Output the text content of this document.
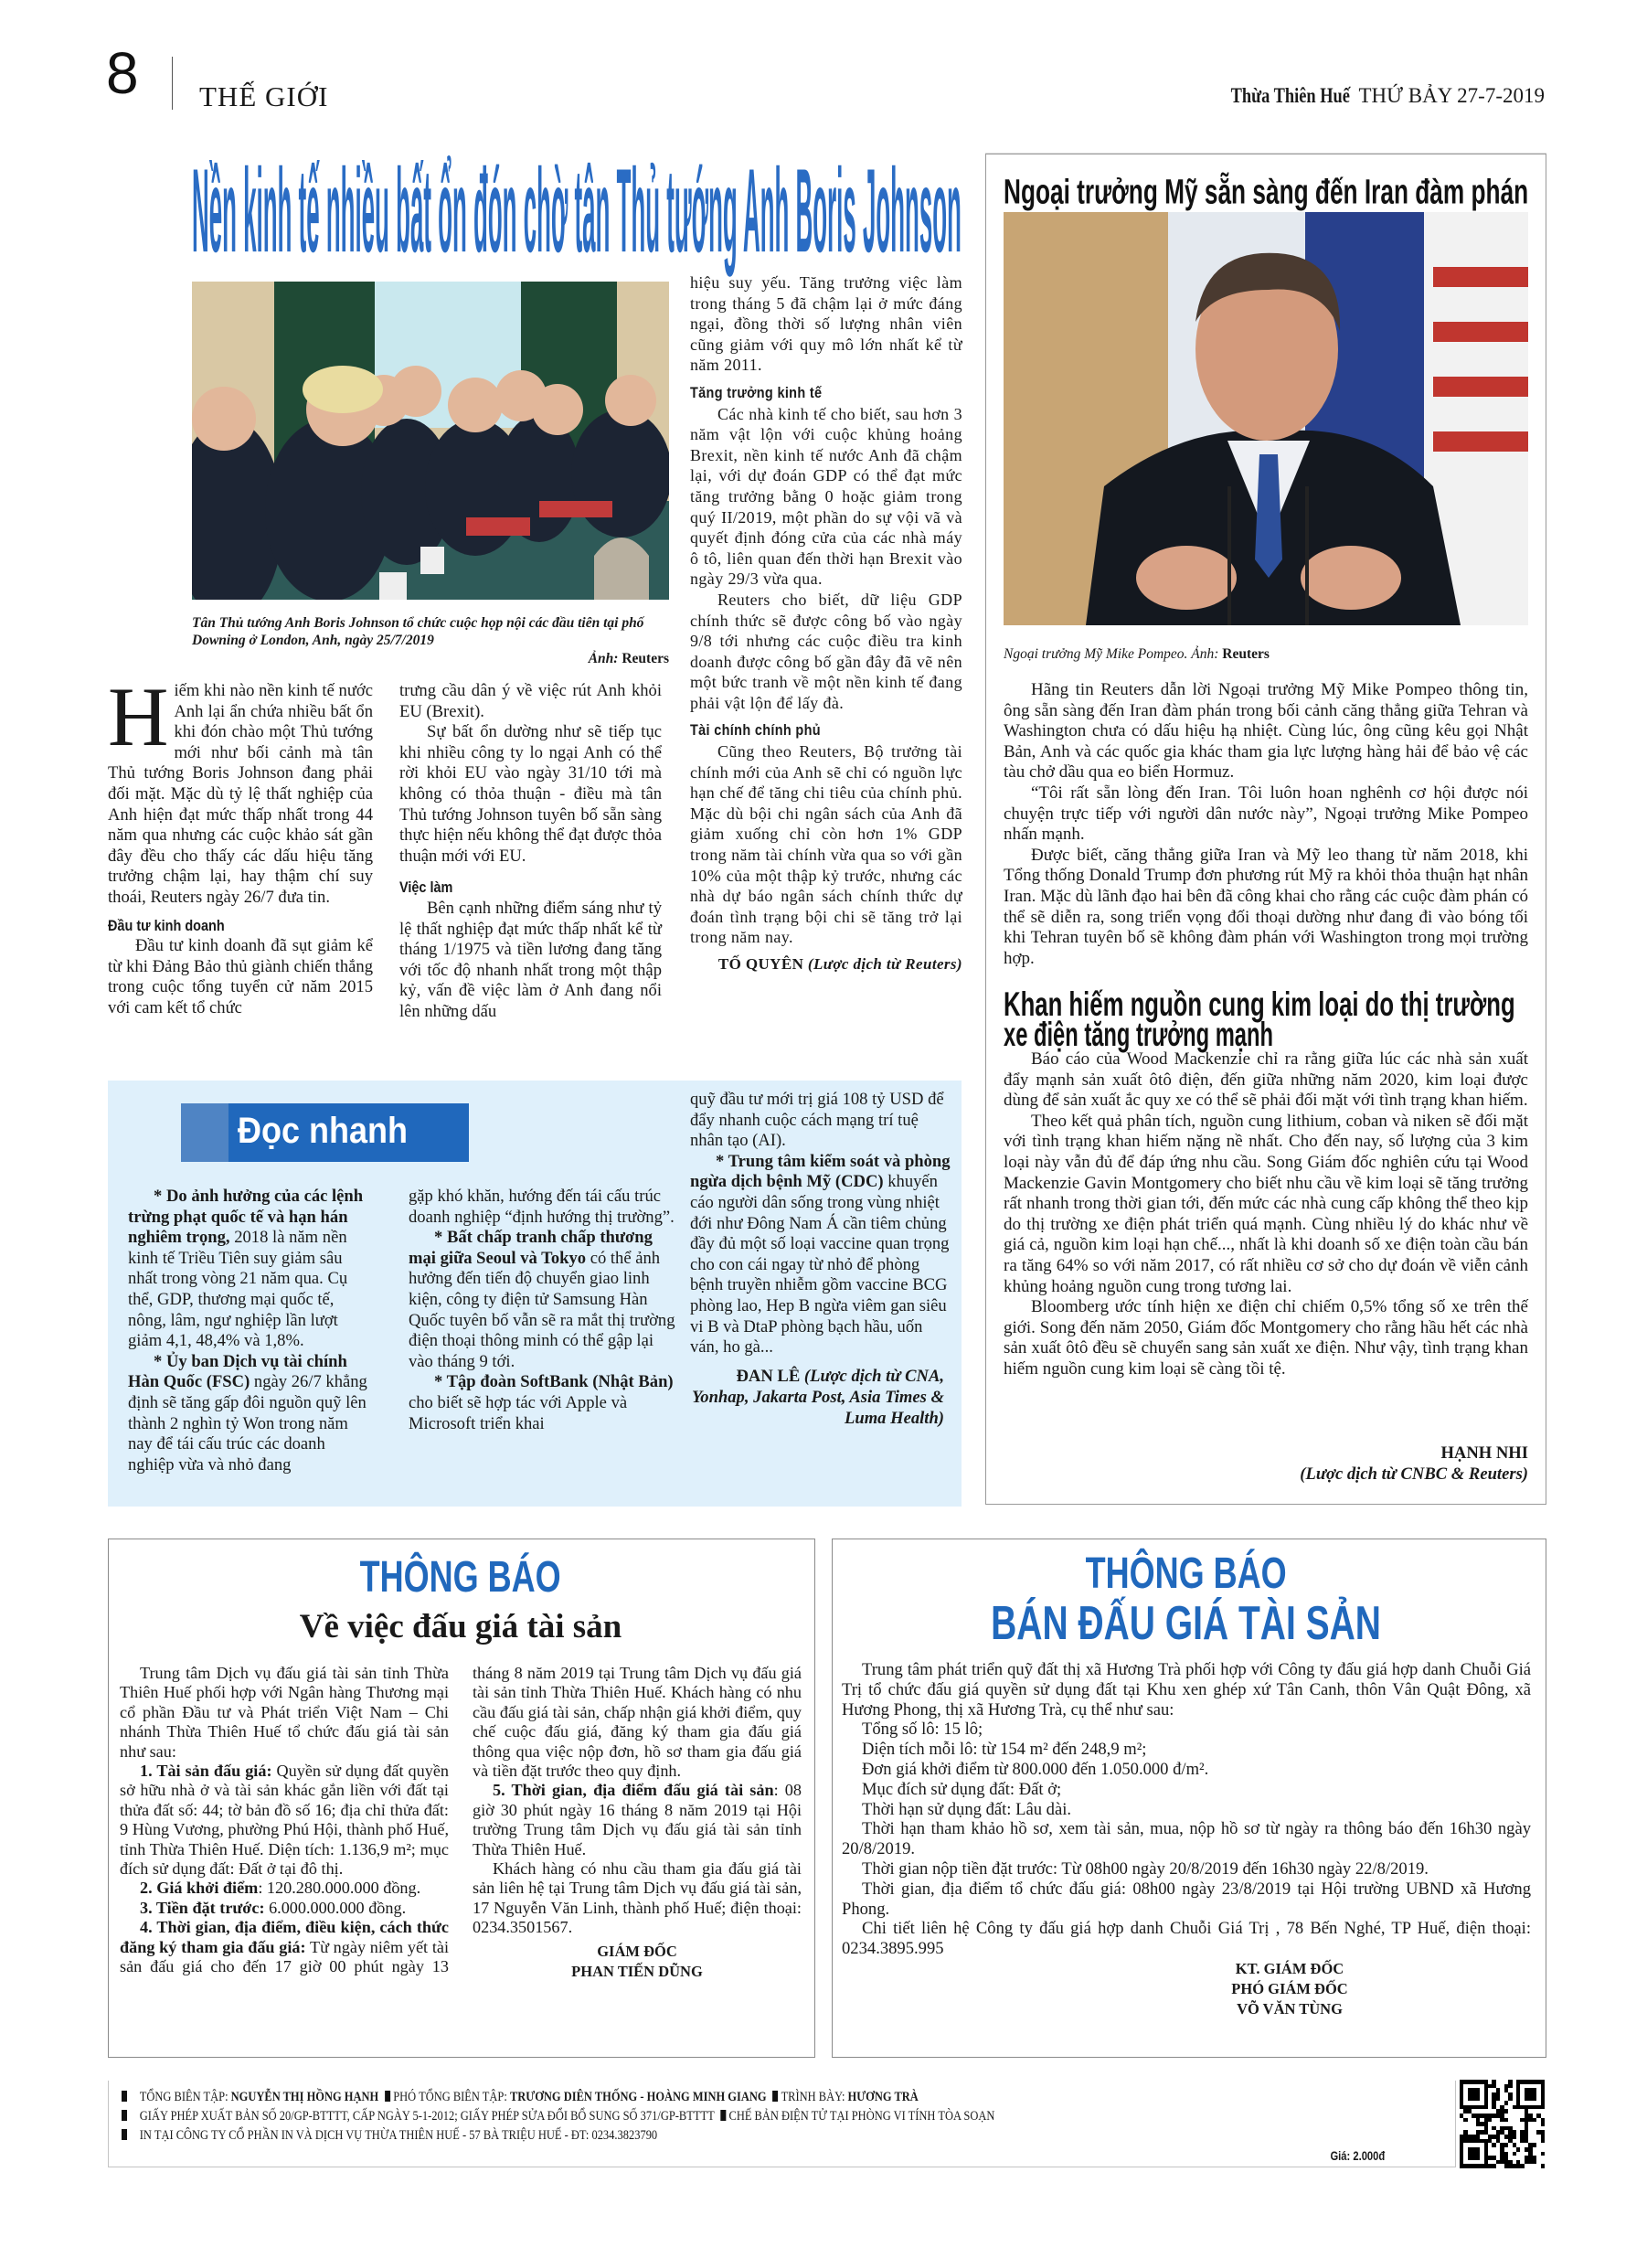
8 THẾ GIỚI	Thừa Thiên Huế THỨ BẢY 27-7-2019
Nền kinh tế nhiều bất ổn đón chờ tân Thủ tướng Anh Boris Johnson
Tân Thủ tướng Anh Boris Johnson tổ chức cuộc họp nội các đầu tiên tại phố Downing ở London, Anh, ngày 25/7/2019
Ảnh: Reuters

Hiếm khi nào nền kinh tế nước Anh lại ẩn chứa nhiều bất ổn khi đón chào một Thủ tướng mới như bối cảnh mà tân Thủ tướng Boris Johnson đang phải đối mặt. Mặc dù tỷ lệ thất nghiệp của Anh hiện đạt mức thấp nhất trong 44 năm qua nhưng các cuộc khảo sát gần đây đều cho thấy các dấu hiệu tăng trưởng chậm lại, hay thậm chí suy thoái, Reuters ngày 26/7 đưa tin.

Đầu tư kinh doanh

Đầu tư kinh doanh đã sụt giảm kể từ khi Đảng Bảo thủ giành chiến thắng trong cuộc tổng tuyển cử năm 2015 với cam kết tổ chức

trưng cầu dân ý về việc rút Anh khỏi EU (Brexit).

Sự bất ổn dường như sẽ tiếp tục khi nhiều công ty lo ngại Anh có thể rời khỏi EU vào ngày 31/10 tới mà không có thỏa thuận - điều mà tân Thủ tướng Johnson tuyên bố sẵn sàng thực hiện nếu không thể đạt được thỏa thuận mới với EU.

Việc làm

Bên cạnh những điểm sáng như tỷ lệ thất nghiệp đạt mức thấp nhất kể từ tháng 1/1975 và tiền lương đang tăng với tốc độ nhanh nhất trong một thập kỷ, vấn đề việc làm ở Anh đang nổi lên những dấu

hiệu suy yếu. Tăng trưởng việc làm trong tháng 5 đã chậm lại ở mức đáng ngại, đồng thời số lượng nhân viên cũng giảm với quy mô lớn nhất kể từ năm 2011.

Tăng trưởng kinh tế

Các nhà kinh tế cho biết, sau hơn 3 năm vật lộn với cuộc khủng hoảng Brexit, nền kinh tế nước Anh đã chậm lại, với dự đoán GDP có thể đạt mức tăng trưởng bằng 0 hoặc giảm trong quý II/2019, một phần do sự vội vã và quyết định đóng cửa của các nhà máy ô tô, liên quan đến thời hạn Brexit vào ngày 29/3 vừa qua.

Reuters cho biết, dữ liệu GDP chính thức sẽ được công bố vào ngày 9/8 tới nhưng các cuộc điều tra kinh doanh được công bố gần đây đã vẽ nên một bức tranh về một nền kinh tế đang phải vật lộn để lấy đà.

Tài chính chính phủ

Cũng theo Reuters, Bộ trưởng tài chính mới của Anh sẽ chỉ có nguồn lực hạn chế để tăng chi tiêu của chính phủ. Mặc dù bội chi ngân sách của Anh đã giảm xuống chỉ còn hơn 1% GDP trong năm tài chính vừa qua so với gần 10% của một thập kỷ trước, nhưng các nhà dự báo ngân sách chính thức dự đoán tình trạng bội chi sẽ tăng trở lại trong năm nay.

TỐ QUYÊN (Lược dịch từ Reuters)
Ngoại trưởng Mỹ sẵn sàng đến Iran đàm phán
Ngoại trưởng Mỹ Mike Pompeo. Ảnh: Reuters

Hãng tin Reuters dẫn lời Ngoại trưởng Mỹ Mike Pompeo thông tin, ông sẵn sàng đến Iran đàm phán trong bối cảnh căng thẳng giữa Tehran và Washington chưa có dấu hiệu hạ nhiệt. Cùng lúc, ông cũng kêu gọi Nhật Bản, Anh và các quốc gia khác tham gia lực lượng hàng hải để bảo vệ các tàu chở dầu qua eo biển Hormuz.

“Tôi rất sẵn lòng đến Iran. Tôi luôn hoan nghênh cơ hội được nói chuyện trực tiếp với người dân nước này”, Ngoại trưởng Mike Pompeo nhấn mạnh.

Được biết, căng thẳng giữa Iran và Mỹ leo thang từ năm 2018, khi Tổng thống Donald Trump đơn phương rút Mỹ ra khỏi thỏa thuận hạt nhân Iran. Mặc dù lãnh đạo hai bên đã công khai cho rằng các cuộc đàm phán có thể sẽ diễn ra, song triển vọng đối thoại dường như đang đi vào bóng tối khi Tehran tuyên bố sẽ không đàm phán với Washington trong mọi trường hợp.

Khan hiếm nguồn cung kim loại do thị trường
xe điện tăng trưởng mạnh

Báo cáo của Wood Mackenzie chỉ ra rằng giữa lúc các nhà sản xuất đẩy mạnh sản xuất ôtô điện, đến giữa những năm 2020, kim loại được dùng để sản xuất ắc quy xe có thể sẽ phải đối mặt với tình trạng khan hiếm.

Theo kết quả phân tích, nguồn cung lithium, coban và niken sẽ đối mặt với tình trạng khan hiếm nặng nề nhất. Cho đến nay, số lượng của 3 kim loại này vẫn đủ để đáp ứng nhu cầu. Song Giám đốc nghiên cứu tại Wood Mackenzie Gavin Montgomery cho biết nhu cầu về kim loại sẽ tăng trưởng rất nhanh trong thời gian tới, đến mức các nhà cung cấp không thể theo kịp do thị trường xe điện phát triển quá mạnh. Cùng nhiều lý do khác như về giá cả, nguồn kim loại hạn chế..., nhất là khi doanh số xe điện toàn cầu bán ra tăng 64% so với năm 2017, có rất nhiều cơ sở cho dự đoán về viễn cảnh khủng hoảng nguồn cung trong tương lai.

Bloomberg ước tính hiện xe điện chỉ chiếm 0,5% tổng số xe trên thế giới. Song đến năm 2050, Giám đốc Montgomery cho rằng hầu hết các nhà sản xuất ôtô đều sẽ chuyển sang sản xuất xe điện. Như vậy, tình trạng khan hiếm nguồn cung kim loại sẽ càng tồi tệ.

HẠNH NHI
(Lược dịch từ CNBC & Reuters)
Đọc nhanh

* Do ảnh hưởng của các lệnh trừng phạt quốc tế và hạn hán nghiêm trọng, 2018 là năm nền kinh tế Triều Tiên suy giảm sâu nhất trong vòng 21 năm qua. Cụ thể, GDP, thương mại quốc tế, nông, lâm, ngư nghiệp lần lượt giảm 4,1, 48,4% và 1,8%.

* Ủy ban Dịch vụ tài chính Hàn Quốc (FSC) ngày 26/7 khẳng định sẽ tăng gấp đôi nguồn quỹ lên thành 2 nghìn tỷ Won trong năm nay để tái cấu trúc các doanh nghiệp vừa và nhỏ đang

gặp khó khăn, hướng đến tái cấu trúc doanh nghiệp “định hướng thị trường”.

* Bất chấp tranh chấp thương mại giữa Seoul và Tokyo có thể ảnh hưởng đến tiến độ chuyển giao linh kiện, công ty điện tử Samsung Hàn Quốc tuyên bố vẫn sẽ ra mắt thị trường điện thoại thông minh có thể gập lại vào tháng 9 tới.

* Tập đoàn SoftBank (Nhật Bản) cho biết sẽ hợp tác với Apple và Microsoft triển khai

quỹ đầu tư mới trị giá 108 tỷ USD để đẩy nhanh cuộc cách mạng trí tuệ nhân tạo (AI).

* Trung tâm kiểm soát và phòng ngừa dịch bệnh Mỹ (CDC) khuyến cáo người dân sống trong vùng nhiệt đới như Đông Nam Á cần tiêm chủng đầy đủ một số loại vaccine quan trọng cho con cái ngay từ nhỏ để phòng bệnh truyền nhiễm gồm vaccine BCG phòng lao, Hep B ngừa viêm gan siêu vi B và DtaP phòng bạch hầu, uốn ván, ho gà...

ĐAN LÊ (Lược dịch từ CNA, Yonhap, Jakarta Post, Asia Times & Luma Health)
THÔNG BÁO
Về việc đấu giá tài sản

Trung tâm Dịch vụ đấu giá tài sản tỉnh Thừa Thiên Huế phối hợp với Ngân hàng Thương mại cổ phần Đầu tư và Phát triển Việt Nam – Chi nhánh Thừa Thiên Huế tổ chức đấu giá tài sản như sau:

1. Tài sản đấu giá: Quyền sử dụng đất quyền sở hữu nhà ở và tài sản khác gắn liền với đất tại thửa đất số: 44; tờ bản đồ số 16; địa chỉ thửa đất: 9 Hùng Vương, phường Phú Hội, thành phố Huế, tỉnh Thừa Thiên Huế. Diện tích: 1.136,9 m²; mục đích sử dụng đất: Đất ở tại đô thị.

2. Giá khởi điểm: 120.280.000.000 đồng.

3. Tiền đặt trước: 6.000.000.000 đồng.

4. Thời gian, địa điểm, điều kiện, cách thức đăng ký tham gia đấu giá: Từ ngày niêm yết tài sản đấu giá cho đến 17 giờ 00 phút ngày 13 tháng 8 năm 2019 tại Trung tâm Dịch vụ đấu giá tài sản tỉnh Thừa Thiên Huế. Khách hàng có nhu cầu đấu giá tài sản, chấp nhận giá khởi điểm, quy chế cuộc đấu giá, đăng ký tham gia đấu giá thông qua việc nộp đơn, hồ sơ tham gia đấu giá và tiền đặt trước theo quy định.

5. Thời gian, địa điểm đấu giá tài sản: 08 giờ 30 phút ngày 16 tháng 8 năm 2019 tại Hội trường Trung tâm Dịch vụ đấu giá tài sản tỉnh Thừa Thiên Huế.

Khách hàng có nhu cầu tham gia đấu giá tài sản liên hệ tại Trung tâm Dịch vụ đấu giá tài sản, 17 Nguyễn Văn Linh, thành phố Huế; điện thoại: 0234.3501567.

GIÁM ĐỐC
PHAN TIẾN DŨNG
THÔNG BÁO
BÁN ĐẤU GIÁ TÀI SẢN

Trung tâm phát triển quỹ đất thị xã Hương Trà phối hợp với Công ty đấu giá hợp danh Chuỗi Giá Trị tổ chức đấu giá quyền sử dụng đất tại Khu xen ghép xứ Tân Canh, thôn Vân Quật Đông, xã Hương Phong, thị xã Hương Trà, cụ thể như sau:

Tổng số lô: 15 lô;

Diện tích mỗi lô: từ 154 m² đến 248,9 m²;

Đơn giá khởi điểm từ 800.000 đến 1.050.000 đ/m².

Mục đích sử dụng đất: Đất ở;

Thời hạn sử dụng đất: Lâu dài.

Thời hạn tham khảo hồ sơ, xem tài sản, mua, nộp hồ sơ từ ngày ra thông báo đến 16h30 ngày 20/8/2019.

Thời gian nộp tiền đặt trước: Từ 08h00 ngày 20/8/2019 đến 16h30 ngày 22/8/2019.

Thời gian, địa điểm tổ chức đấu giá: 08h00 ngày 23/8/2019 tại Hội trường UBND xã Hương Phong.

Chi tiết liên hệ Công ty đấu giá hợp danh Chuỗi Giá Trị , 78 Bến Nghé, TP Huế, điện thoại: 0234.3895.995

KT. GIÁM ĐỐC
PHÓ GIÁM ĐỐC
VÕ VĂN TÙNG
TỔNG BIÊN TẬP: NGUYỄN THỊ HỒNG HẠNH PHÓ TỔNG BIÊN TẬP: TRƯƠNG DIÊN THỐNG - HOÀNG MINH GIANG TRÌNH BÀY: HƯƠNG TRÀ
GIẤY PHÉP XUẤT BẢN SỐ 20/GP-BTTTT, CẤP NGÀY 5-1-2012; GIẤY PHÉP SỬA ĐỔI BỔ SUNG SỐ 371/GP-BTTTT CHẾ BẢN ĐIỆN TỬ TẠI PHÒNG VI TÍNH TÒA SOẠN
IN TẠI CÔNG TY CỔ PHẦN IN VÀ DỊCH VỤ THỪA THIÊN HUẾ - 57 BÀ TRIỆU HUẾ - ĐT: 0234.3823790
Giá: 2.000đ
